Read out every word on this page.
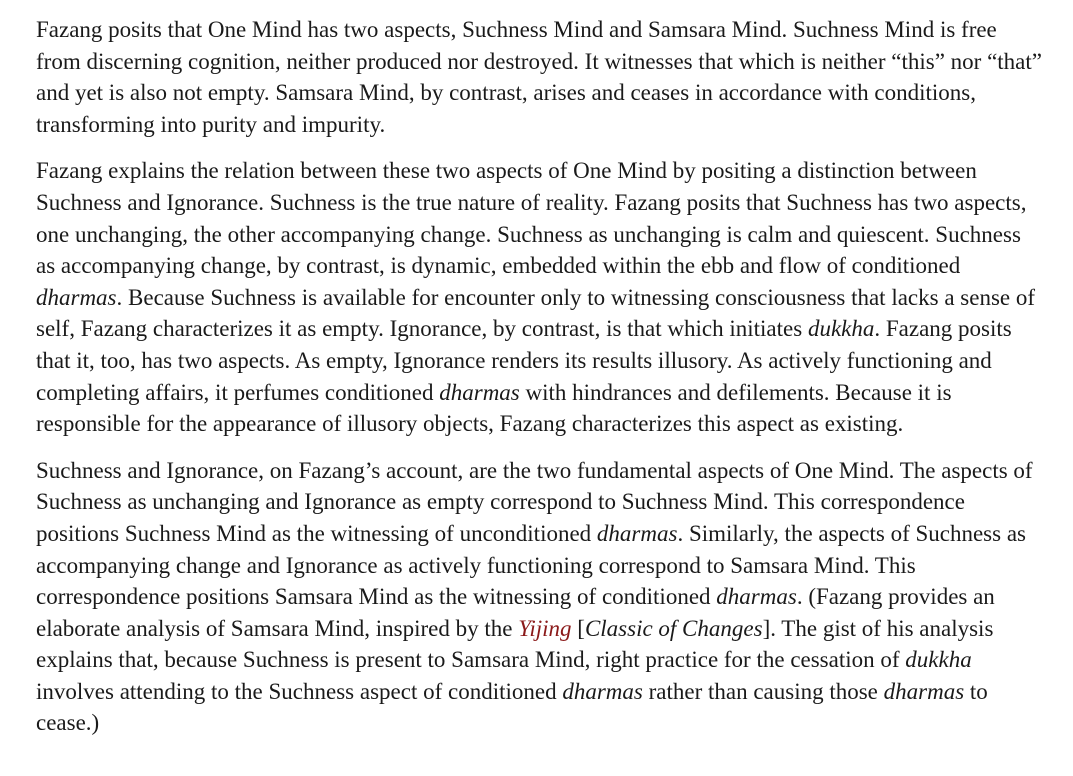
Fazang posits that One Mind has two aspects, Suchness Mind and Samsara Mind. Suchness Mind is free from discerning cognition, neither produced nor destroyed. It witnesses that which is neither “this” nor “that” and yet is also not empty. Samsara Mind, by contrast, arises and ceases in accordance with conditions, transforming into purity and impurity.

Fazang explains the relation between these two aspects of One Mind by positing a distinction between Suchness and Ignorance. Suchness is the true nature of reality. Fazang posits that Suchness has two aspects, one unchanging, the other accompanying change. Suchness as unchanging is calm and quiescent. Suchness as accompanying change, by contrast, is dynamic, embedded within the ebb and flow of conditioned dharmas. Because Suchness is available for encounter only to witnessing consciousness that lacks a sense of self, Fazang characterizes it as empty. Ignorance, by contrast, is that which initiates dukkha. Fazang posits that it, too, has two aspects. As empty, Ignorance renders its results illusory. As actively functioning and completing affairs, it perfumes conditioned dharmas with hindrances and defilements. Because it is responsible for the appearance of illusory objects, Fazang characterizes this aspect as existing.

Suchness and Ignorance, on Fazang’s account, are the two fundamental aspects of One Mind. The aspects of Suchness as unchanging and Ignorance as empty correspond to Suchness Mind. This correspondence positions Suchness Mind as the witnessing of unconditioned dharmas. Similarly, the aspects of Suchness as accompanying change and Ignorance as actively functioning correspond to Samsara Mind. This correspondence positions Samsara Mind as the witnessing of conditioned dharmas. (Fazang provides an elaborate analysis of Samsara Mind, inspired by the Yijing [Classic of Changes]. The gist of his analysis explains that, because Suchness is present to Samsara Mind, right practice for the cessation of dukkha involves attending to the Suchness aspect of conditioned dharmas rather than causing those dharmas to cease.)
